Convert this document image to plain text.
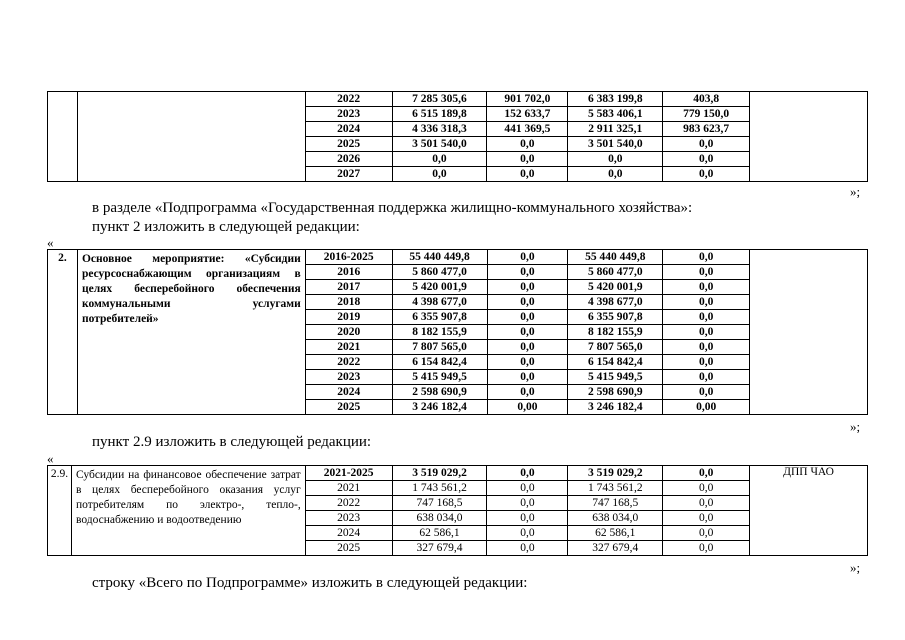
		2022	7 285 305,6	901 702,0	6 383 199,8	403,8	
		2023	6 515 189,8	152 633,7	5 583 406,1	779 150,0	
		2024	4 336 318,3	441 369,5	2 911 325,1	983 623,7	
		2025	3 501 540,0	0,0	3 501 540,0	0,0	
		2026	0,0	0,0	0,0	0,0	
		2027	0,0	0,0	0,0	0,0	
»;
в разделе «Подпрограмма «Государственная поддержка жилищно-коммунального хозяйства»:
пункт 2 изложить в следующей редакции:
«
2.	Основное мероприятие: «Субсидии ресурсоснабжающим организациям в целях бесперебойного обеспечения коммунальными услугами потребителей»	2016-2025	55 440 449,8	0,0	55 440 449,8	0,0	
		2016	5 860 477,0	0,0	5 860 477,0	0,0	
		2017	5 420 001,9	0,0	5 420 001,9	0,0	
		2018	4 398 677,0	0,0	4 398 677,0	0,0	
		2019	6 355 907,8	0,0	6 355 907,8	0,0	
		2020	8 182 155,9	0,0	8 182 155,9	0,0	
		2021	7 807 565,0	0,0	7 807 565,0	0,0	
		2022	6 154 842,4	0,0	6 154 842,4	0,0	
		2023	5 415 949,5	0,0	5 415 949,5	0,0	
		2024	2 598 690,9	0,0	2 598 690,9	0,0	
		2025	3 246 182,4	0,00	3 246 182,4	0,00	
»;
пункт 2.9 изложить в следующей редакции:
«
2.9.	Субсидии на финансовое обеспечение затрат в целях бесперебойного оказания услуг потребителям по электро-, тепло-, водоснабжению и водоотведению	2021-2025	3 519 029,2	0,0	3 519 029,2	0,0	ДПП ЧАО
		2021	1 743 561,2	0,0	1 743 561,2	0,0	
		2022	747 168,5	0,0	747 168,5	0,0	
		2023	638 034,0	0,0	638 034,0	0,0	
		2024	62 586,1	0,0	62 586,1	0,0	
		2025	327 679,4	0,0	327 679,4	0,0	
»;
строку «Всего по Подпрограмме» изложить в следующей редакции:
